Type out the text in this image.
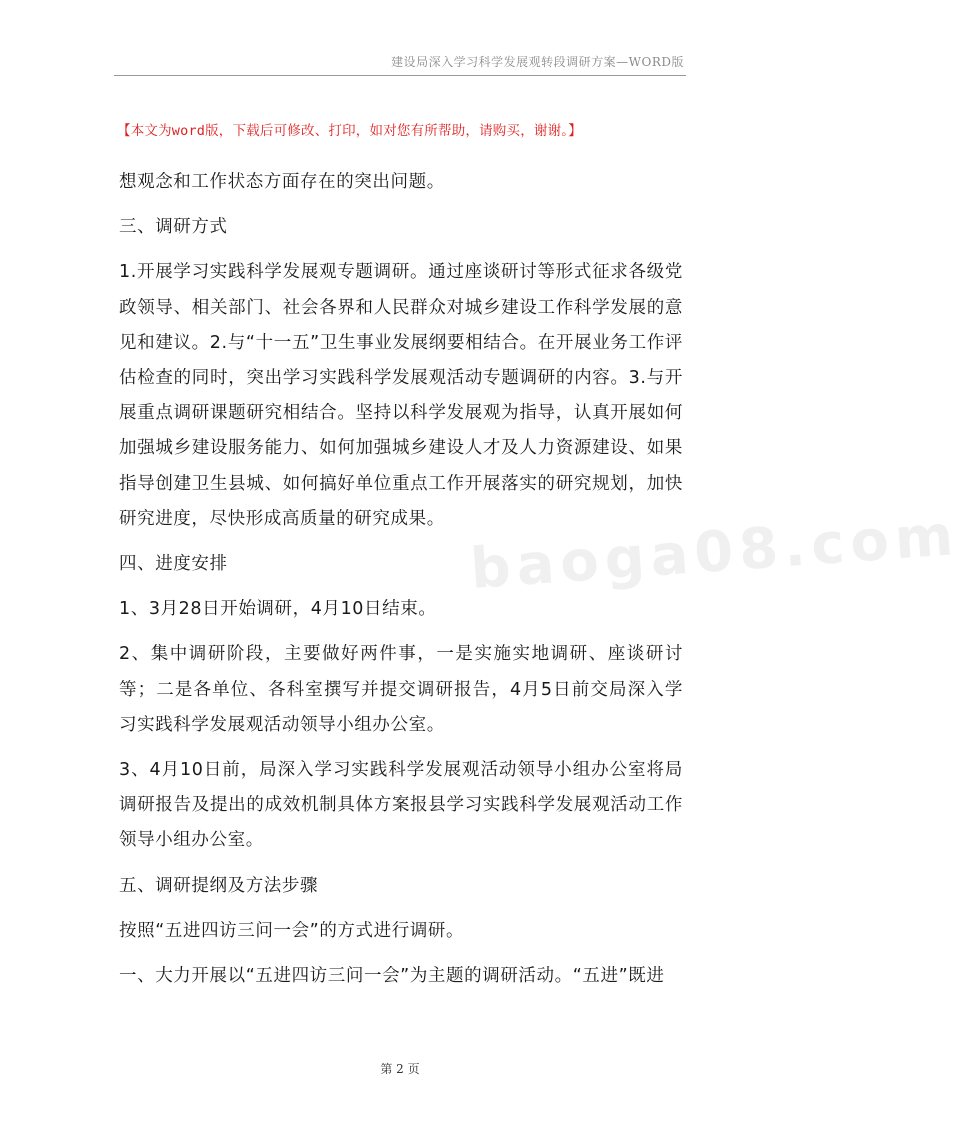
建设局深入学习科学发展观转段调研方案—WORD版
【本文为word版，下载后可修改、打印，如对您有所帮助，请购买，谢谢。】
baoga08.com

想观念和工作状态方面存在的突出问题。

三、调研方式

1.开展学习实践科学发展观专题调研。通过座谈研讨等形式征求各级党政领导、相关部门、社会各界和人民群众对城乡建设工作科学发展的意见和建议。2.与“十一五”卫生事业发展纲要相结合。在开展业务工作评估检查的同时，突出学习实践科学发展观活动专题调研的内容。3.与开展重点调研课题研究相结合。坚持以科学发展观为指导，认真开展如何加强城乡建设服务能力、如何加强城乡建设人才及人力资源建设、如果指导创建卫生县城、如何搞好单位重点工作开展落实的研究规划，加快研究进度，尽快形成高质量的研究成果。

四、进度安排

1、3月28日开始调研，4月10日结束。

2、集中调研阶段，主要做好两件事，一是实施实地调研、座谈研讨等；二是各单位、各科室撰写并提交调研报告，4月5日前交局深入学习实践科学发展观活动领导小组办公室。

3、4月10日前，局深入学习实践科学发展观活动领导小组办公室将局调研报告及提出的成效机制具体方案报县学习实践科学发展观活动工作领导小组办公室。

五、调研提纲及方法步骤

按照“五进四访三问一会”的方式进行调研。

一、大力开展以“五进四访三问一会”为主题的调研活动。“五进”既进

第 2 页
